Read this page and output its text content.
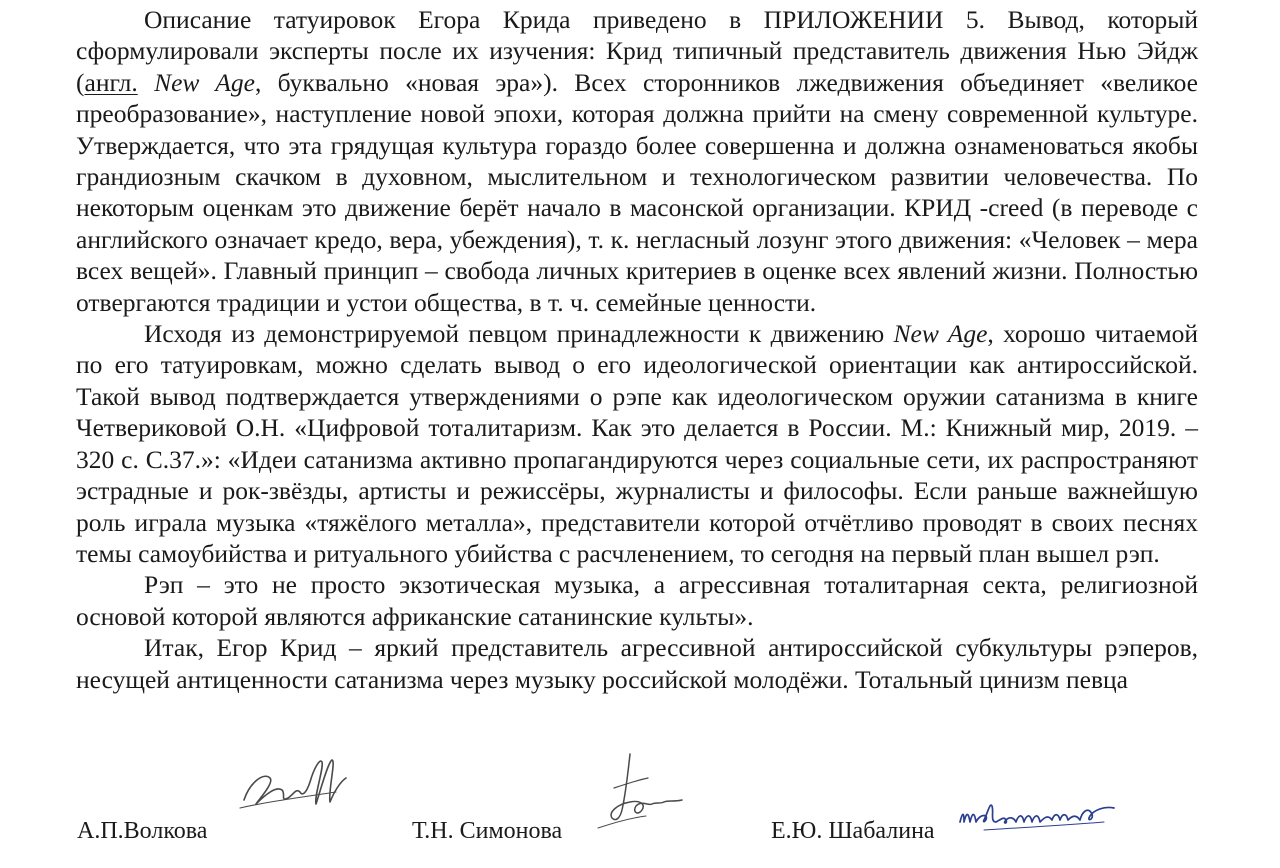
Описание татуировок Егора Крида приведено в ПРИЛОЖЕНИИ 5. Вывод, который сформулировали эксперты после их изучения: Крид типичный представитель движения Нью Эйдж (англ. New Age, буквально «новая эра»). Всех сторонников лжедвижения объединяет «великое преобразование», наступление новой эпохи, которая должна прийти на смену современной культуре. Утверждается, что эта грядущая культура гораздо более совершенна и должна ознаменоваться якобы грандиозным скачком в духовном, мыслительном и технологическом развитии человечества. По некоторым оценкам это движение берёт начало в масонской организации. КРИД -creed (в переводе с английского означает кредо, вера, убеждения), т. к. негласный лозунг этого движения: «Человек – мера всех вещей». Главный принцип – свобода личных критериев в оценке всех явлений жизни. Полностью отвергаются традиции и устои общества, в т. ч. семейные ценности.

Исходя из демонстрируемой певцом принадлежности к движению New Age, хорошо читаемой по его татуировкам, можно сделать вывод о его идеологической ориентации как антироссийской. Такой вывод подтверждается утверждениями о рэпе как идеологическом оружии сатанизма в книге Четвериковой О.Н. «Цифровой тоталитаризм. Как это делается в России. М.: Книжный мир, 2019. – 320 с. С.37.»: «Идеи сатанизма активно пропагандируются через социальные сети, их распространяют эстрадные и рок-звёзды, артисты и режиссёры, журналисты и философы. Если раньше важнейшую роль играла музыка «тяжёлого металла», представители которой отчётливо проводят в своих песнях темы самоубийства и ритуального убийства с расчленением, то сегодня на первый план вышел рэп.

Рэп – это не просто экзотическая музыка, а агрессивная тоталитарная секта, религиозной основой которой являются африканские сатанинские культы».

Итак, Егор Крид – яркий представитель агрессивной антироссийской субкультуры рэперов, несущей антиценности сатанизма через музыку российской молодёжи. Тотальный цинизм певца

А.П.Волкова	Т.Н. Симонова	Е.Ю. Шабалина
